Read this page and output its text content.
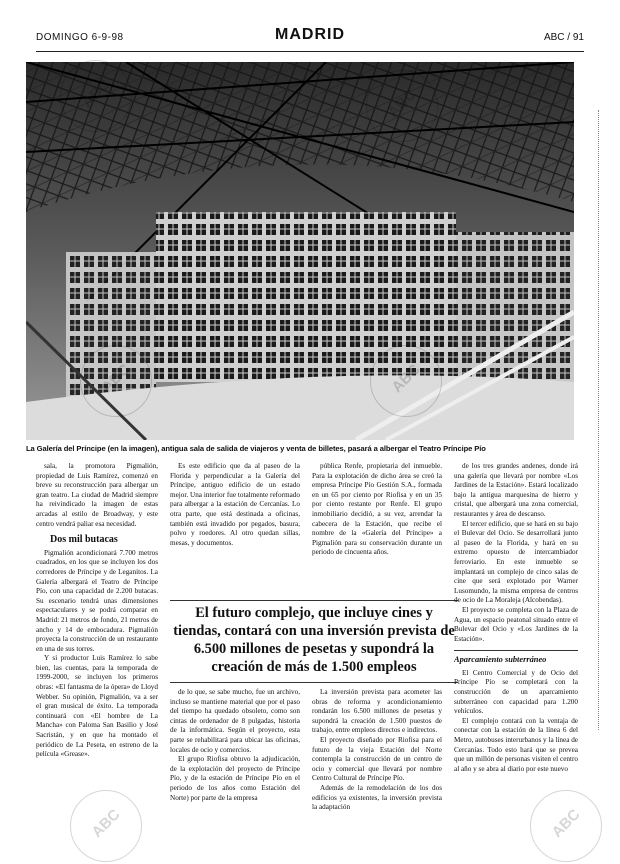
DOMINGO 6-9-98	MADRID	ABC / 91
La Galería del Príncipe (en la imagen), antigua sala de salida de viajeros y venta de billetes, pasará a albergar el Teatro Príncipe Pío

sala, la promotora Pigmalión, propiedad de Luis Ramírez, comenzó en breve su reconstrucción para albergar un gran teatro. La ciudad de Madrid siempre ha reivindicado la imagen de estas arcadas al estilo de Broadway, y este centro vendrá paliar esa necesidad.

Dos mil butacas

Pigmalión acondicionará 7.700 metros cuadrados, en los que se incluyen los dos corredores de Príncipe y de Leganitos. La Galería albergará el Teatro de Príncipe Pío, con una capacidad de 2.200 butacas. Su escenario tendrá unas dimensiones espectaculares y se podrá comparar en Madrid: 21 metros de fondo, 21 metros de ancho y 14 de embocadura. Pigmalión proyecta la construcción de un restaurante en una de sus torres.

Y si productor Luis Ramírez lo sabe bien, las cuentas, para la temporada de 1999-2000, se incluyen los primeros obras: «El fantasma de la ópera» de Lloyd Webber. Su opinión, Pigmalión, va a ser el gran musical de éxito. La temporada continuará con «El hombre de La Mancha» con Paloma San Basilio y José Sacristán, y en que ha montado el periódico de La Peseta, en estreno de la película «Grease».

Es este edificio que da al paseo de la Florida y perpendicular a la Galería del Príncipe, antiguo edificio de un estado mejor. Una interior fue totalmente reformado para albergar a la estación de Cercanías. Lo otra parte, que está destinada a oficinas, también está invadido por pegados, basura, polvo y roedores. Al otro quedan sillas, mesas, y documentos.

de lo que, se sabe mucho, fue un archivo, incluso se mantiene material que por el paso del tiempo ha quedado obsoleto, como son cintas de ordenador de 8 pulgadas, historia de la informática. Según el proyecto, esta parte se rehabilitará para ubicar las oficinas, locales de ocio y comercios.

El grupo Riofisa obtuvo la adjudicación, de la explotación del proyecto de Príncipe Pío, y de la estación de Príncipe Pío en el periodo de los años como Estación del Norte) por parte de la empresa

pública Renfe, propietaria del inmueble. Para la explotación de dicho área se creó la empresa Príncipe Pío Gestión S.A., formada en un 65 por ciento por Riofisa y en un 35 por ciento restante por Renfe. El grupo inmobiliario decidió, a su vez, arrendar la cabecera de la Estación, que recibe el nombre de la «Galería del Príncipe» a Pigmalión para su conservación durante un periodo de cincuenta años.

La inversión prevista para acometer las obras de reforma y acondicionamiento rondarán los 6.500 millones de pesetas y supondrá la creación de 1.500 puestos de trabajo, entre empleos directos e indirectos.

El proyecto diseñado por Riofisa para el futuro de la vieja Estación del Norte contempla la construcción de un centro de ocio y comercial que llevará por nombre Centro Cultural de Príncipe Pío.

Además de la remodelación de los dos edificios ya existentes, la inversión prevista la adaptación

El futuro complejo, que incluye cines y tiendas, contará con una inversión prevista de 6.500 millones de pesetas y supondrá la creación de más de 1.500 empleos

de los tres grandes andenes, donde irá una galería que llevará por nombre «Los Jardines de la Estación». Estará localizado bajo la antigua marquesina de hierro y cristal, que albergará una zona comercial, restaurantes y área de descanso.

El tercer edificio, que se hará en su bajo el Bulevar del Ocio. Se desarrollará junto al paseo de la Florida, y hará en su extremo opuesto de intercambiador ferroviario. En este inmueble se implantará un complejo de cinco salas de cine que será explotado por Warner Lusomundo, la misma empresa de centros de ocio de La Moraleja (Alcobendas).

El proyecto se completa con la Plaza de Agua, un espacio peatonal situado entre el Bulevar del Ocio y «Los Jardines de la Estación».

Aparcamiento subterráneo

El Centro Comercial y de Ocio del Príncipe Pío se completará con la construcción de un aparcamiento subterráneo con capacidad para 1.200 vehículos.

El complejo contará con la ventaja de conectar con la estación de la línea 6 del Metro, autobuses interurbanos y la línea de Cercanías. Todo esto hará que se prevea que un millón de personas visiten el centro al año y se abra al diario por este nuevo

ABC	ABC
ABC	ABC
ABC	ABC
